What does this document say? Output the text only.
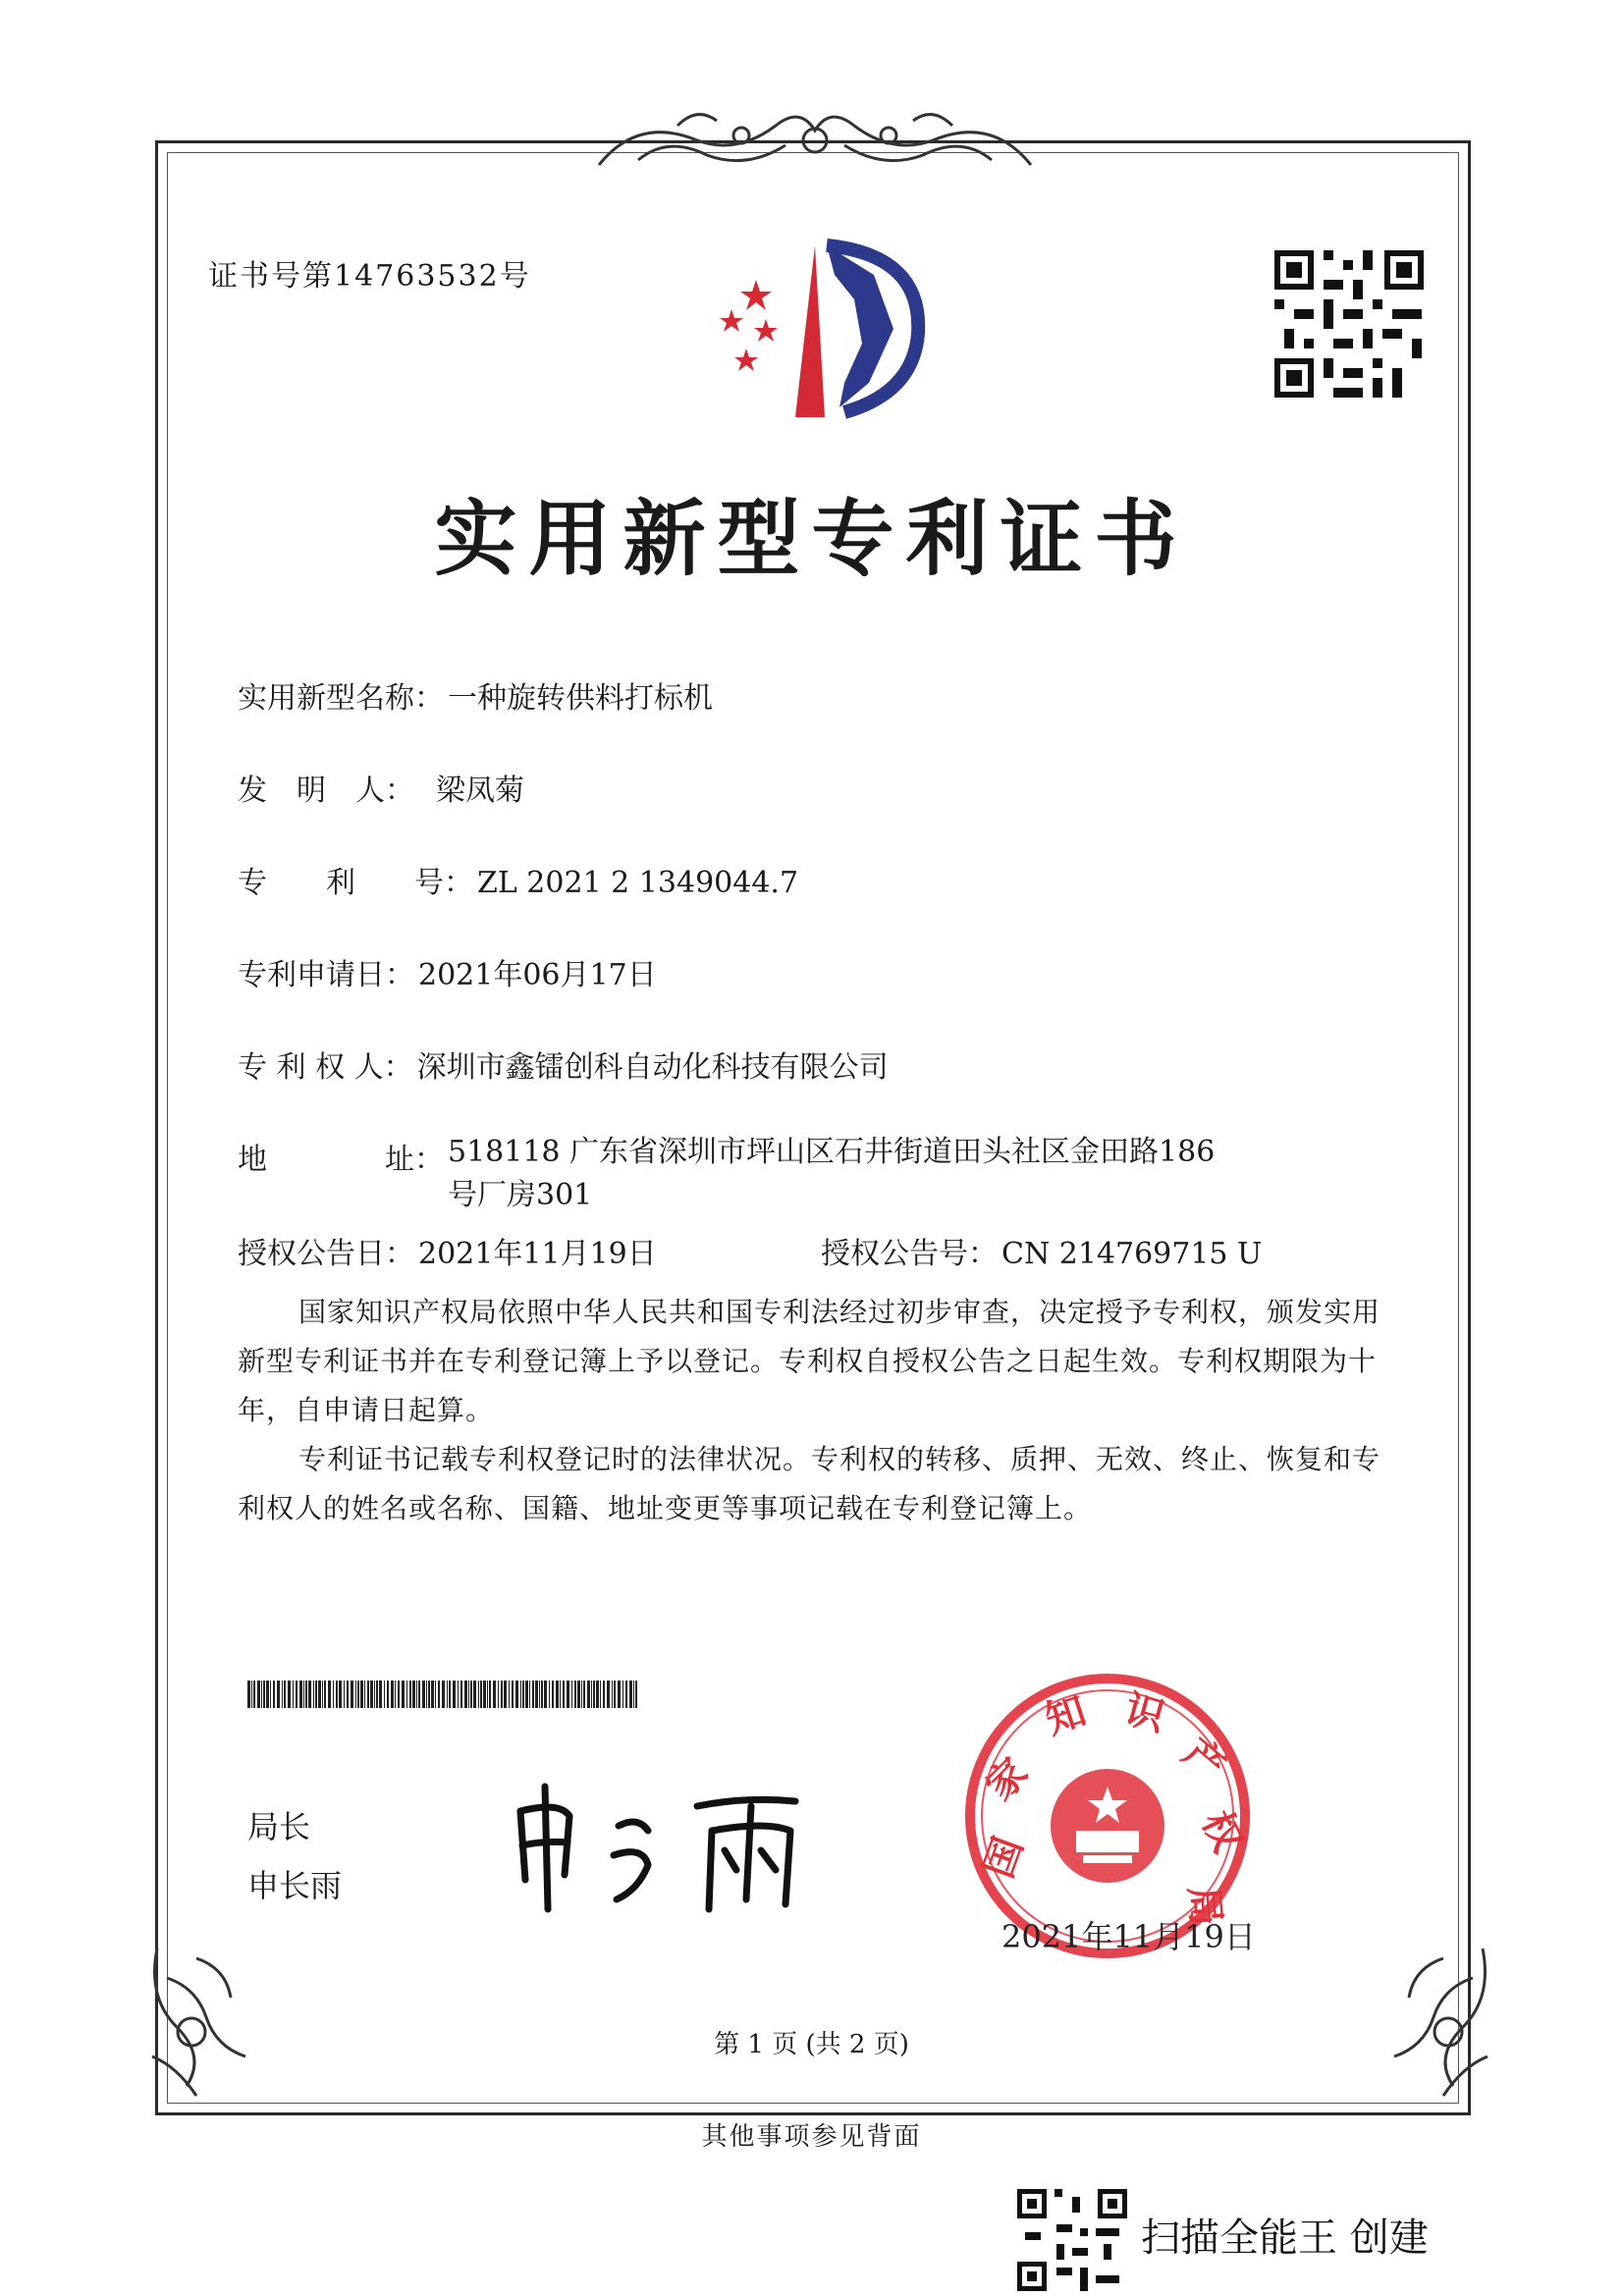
证书号第14763532号
实用新型专利证书
实用新型名称： 一种旋转供料打标机
发　明　人： 梁凤菊
专　　利　　号： ZL 2021 2 1349044.7
专利申请日： 2021年06月17日
专 利 权 人： 深圳市鑫镭创科自动化科技有限公司
地　　　　址： 518118 广东省深圳市坪山区石井街道田头社区金田路186号厂房301
授权公告日： 2021年11月19日	授权公告号： CN 214769715 U
国家知识产权局依照中华人民共和国专利法经过初步审查，决定授予专利权，颁发实用新型专利证书并在专利登记簿上予以登记。专利权自授权公告之日起生效。专利权期限为十年，自申请日起算。
专利证书记载专利权登记时的法律状况。专利权的转移、质押、无效、终止、恢复和专利权人的姓名或名称、国籍、地址变更等事项记载在专利登记簿上。
局长
申长雨
国
家
知 识
产
权
局
2021年11月19日
第 1 页 (共 2 页)
其他事项参见背面
扫描全能王 创建
